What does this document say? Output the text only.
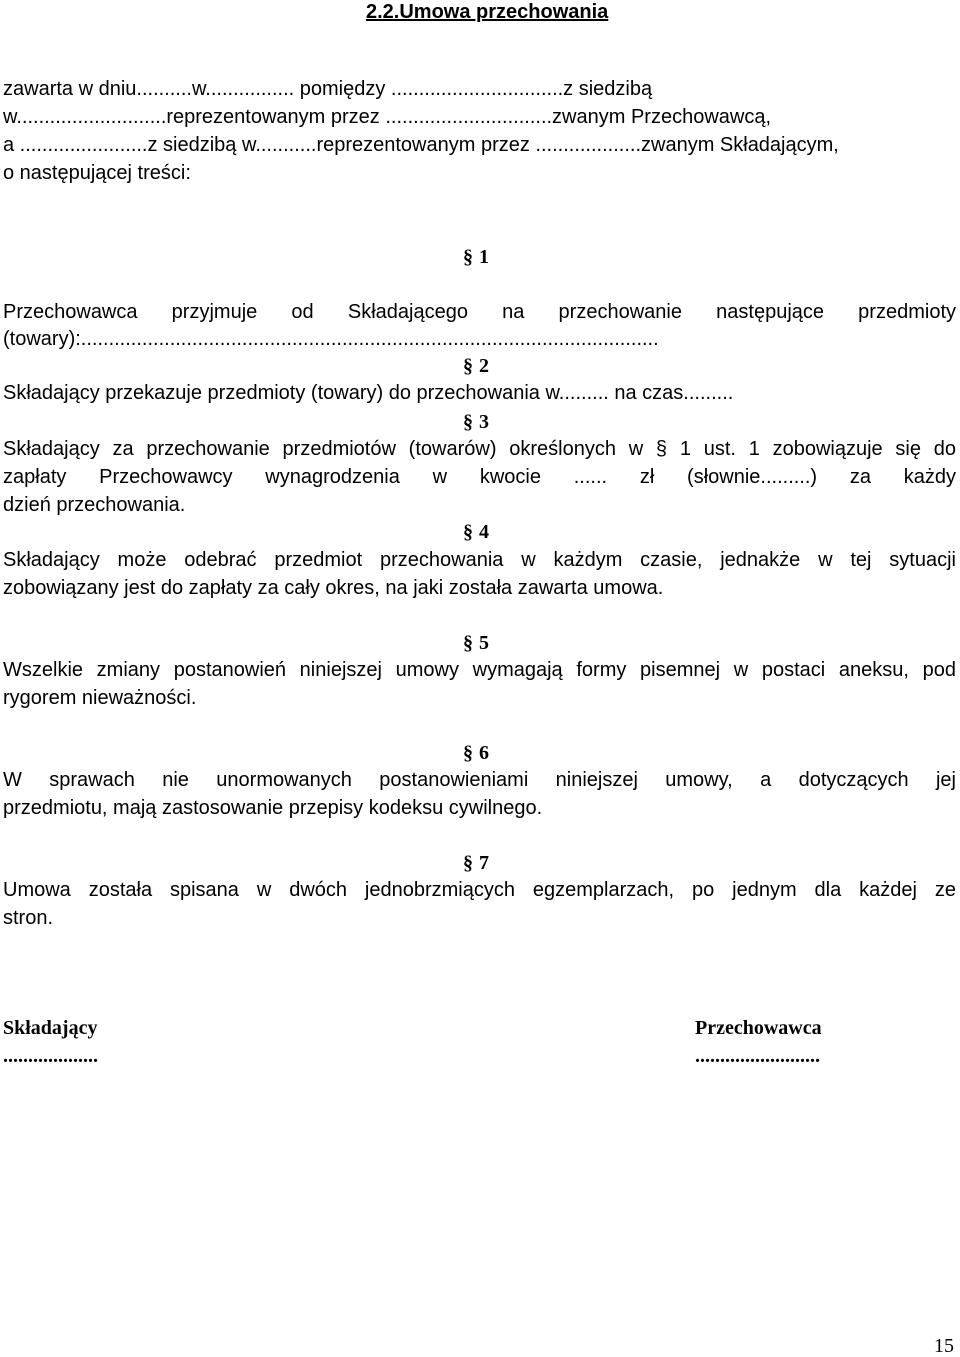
2.2.Umowa przechowania
zawarta w dniu..........w................ pomiędzy ...............................z siedzibą
w...........................reprezentowanym przez ..............................zwanym Przechowawcą,
a .......................z siedzibą w...........reprezentowanym przez ...................zwanym Składającym,
o następującej treści:
§ 1
Przechowawca przyjmuje od Składającego na przechowanie następujące przedmioty
(towary):........................................................................................................
§ 2
Składający przekazuje przedmioty (towary) do przechowania w......... na czas.........
§ 3
Składający za przechowanie przedmiotów (towarów) określonych w § 1 ust. 1 zobowiązuje się do
zapłaty Przechowawcy wynagrodzenia w kwocie ...... zł (słownie.........) za każdy
dzień przechowania.
§ 4
Składający może odebrać przedmiot przechowania w każdym czasie, jednakże w tej sytuacji
zobowiązany jest do zapłaty za cały okres, na jaki została zawarta umowa.
§ 5
Wszelkie zmiany postanowień niniejszej umowy wymagają formy pisemnej w postaci aneksu, pod
rygorem nieważności.
§ 6
W sprawach nie unormowanych postanowieniami niniejszej umowy, a dotyczących jej
przedmiotu, mają zastosowanie przepisy kodeksu cywilnego.
§ 7
Umowa została spisana w dwóch jednobrzmiących egzemplarzach, po jednym dla każdej ze
stron.
Składający
...................
Przechowawca
.........................
15
